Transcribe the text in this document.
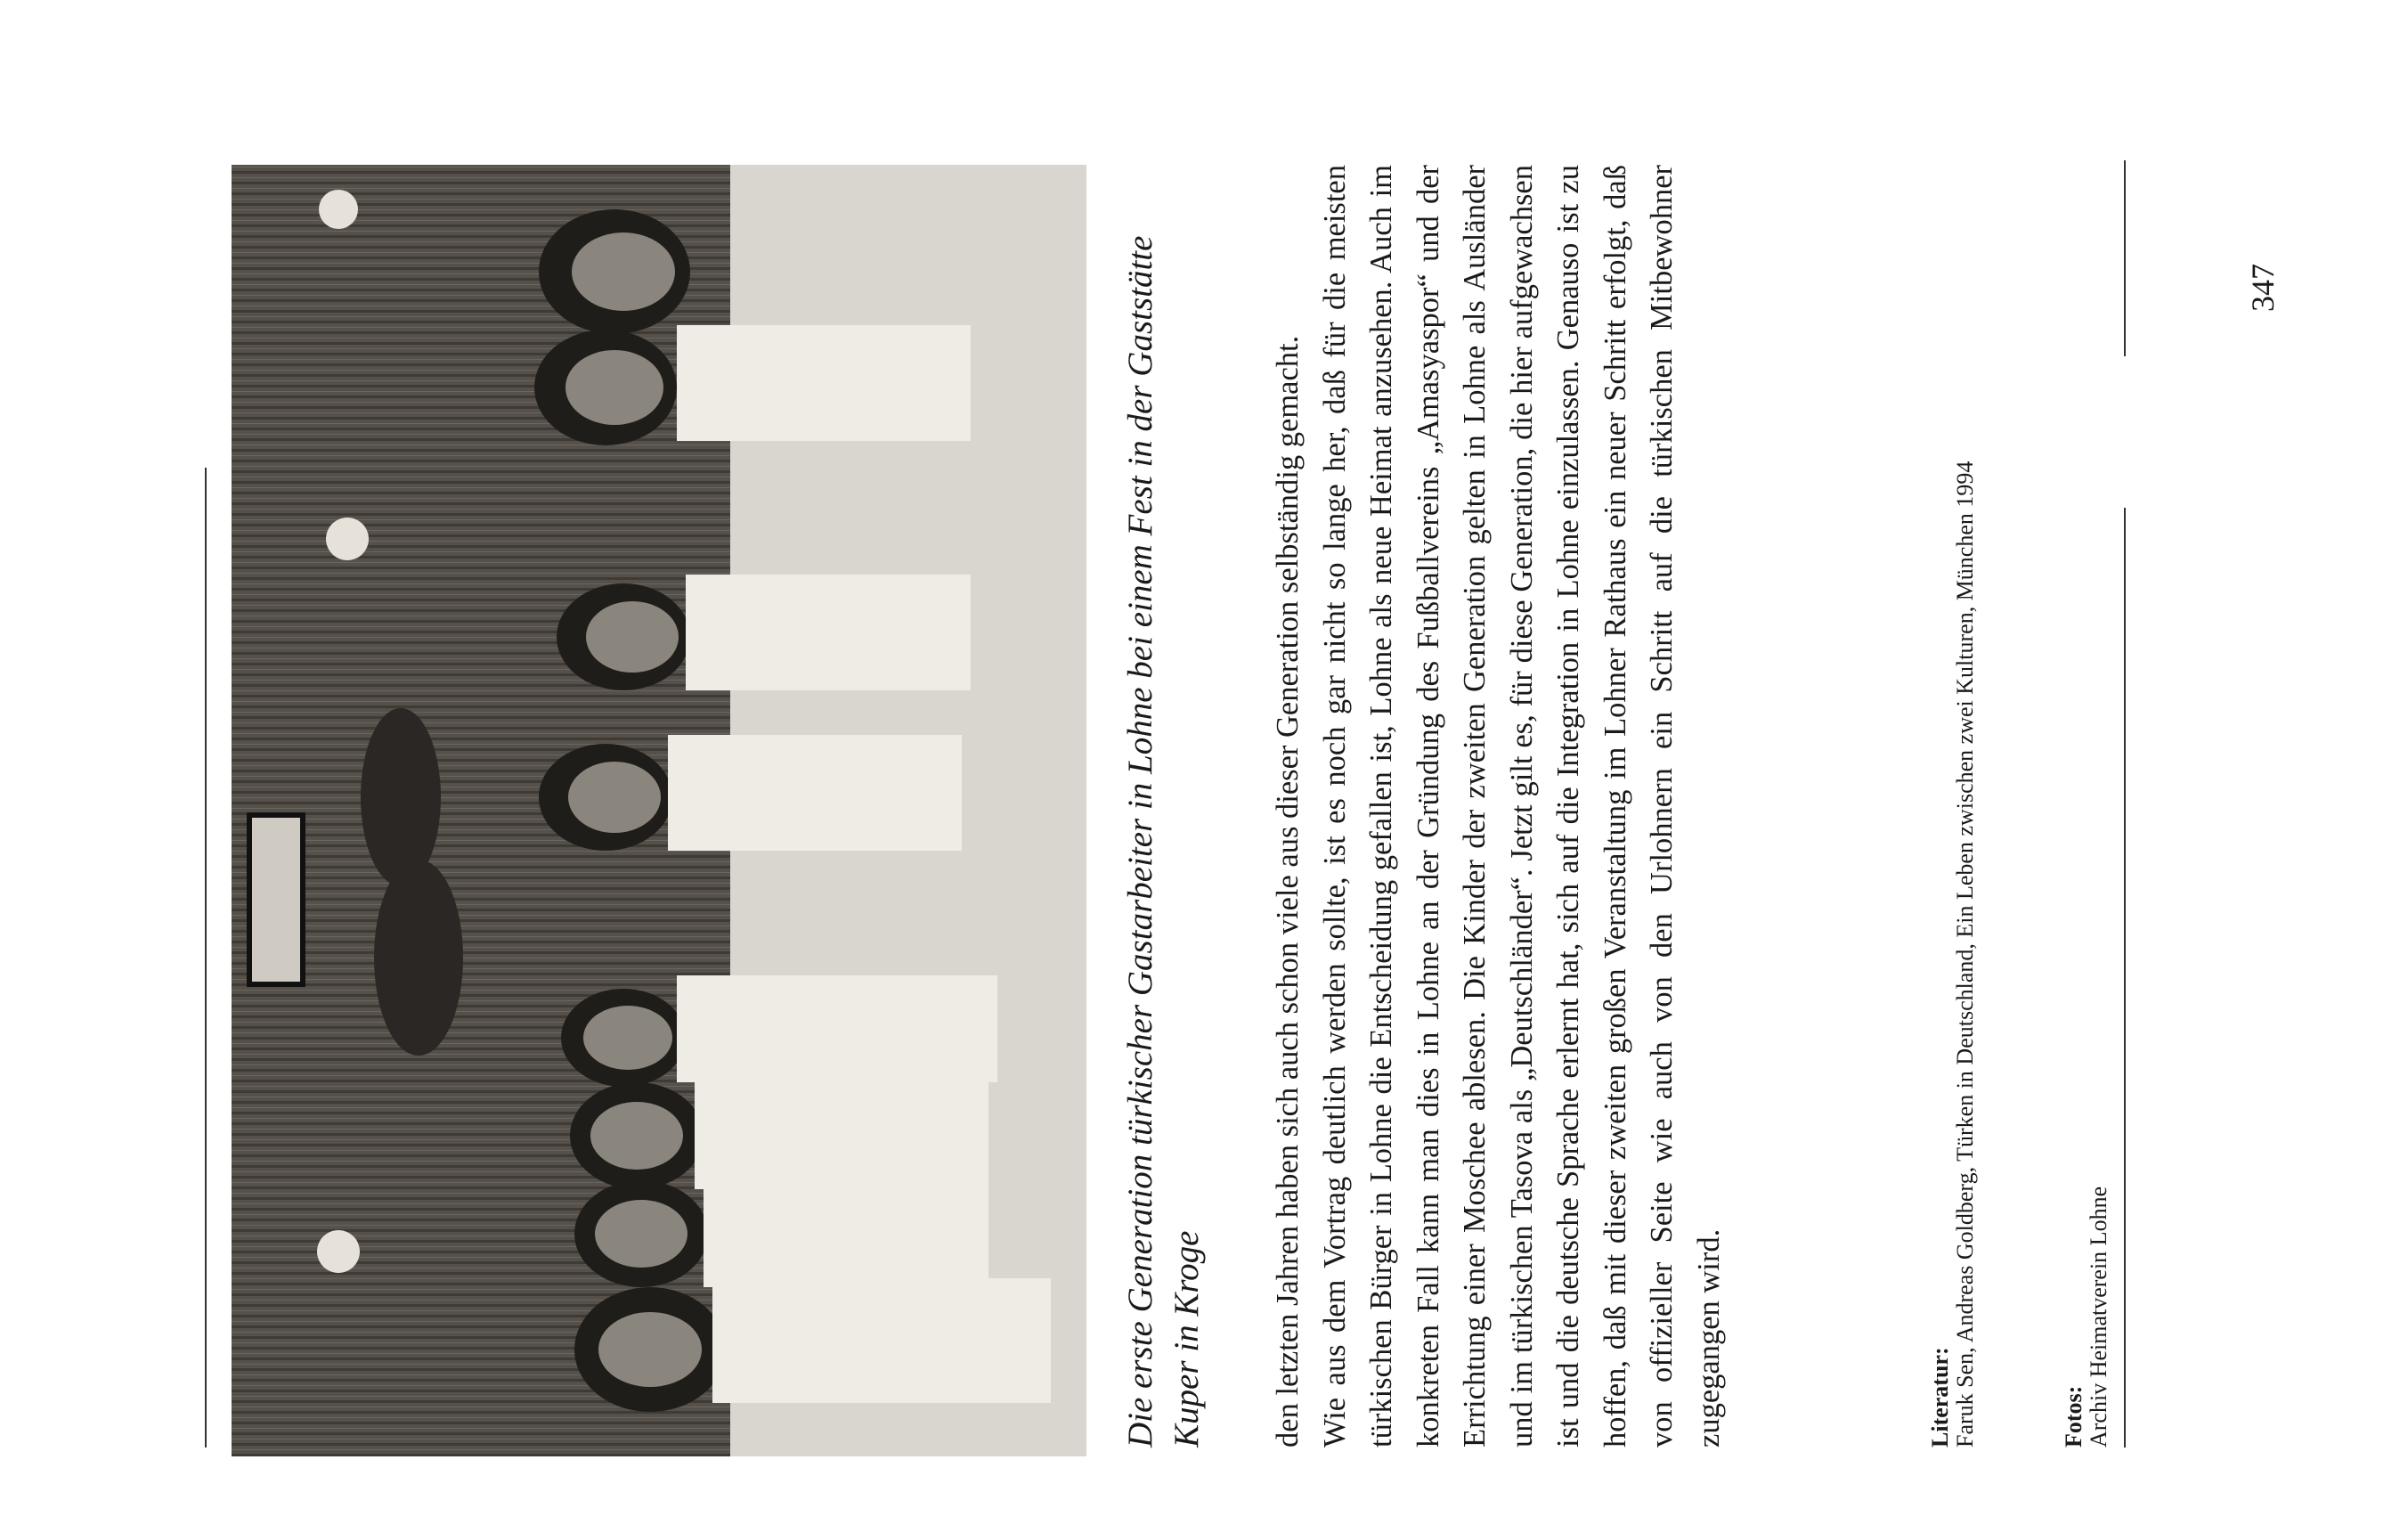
Die erste Generation türkischer Gastarbeiter in Lohne bei einem Fest in der Gaststätte Kuper in Kroge den letzten Jahren haben sich auch schon viele aus dieser Generation selbständig gemacht. Wie aus dem Vortrag deutlich werden sollte, ist es noch gar nicht so lange her, daß für die meisten türkischen Bürger in Lohne die Entscheidung gefallen ist, Lohne als neue Heimat anzusehen. Auch im konkreten Fall kann man dies in Lohne an der Gründung des Fußballvereins „Amasyaspor“ und der Errichtung einer Moschee ablesen. Die Kinder der zweiten Generation gelten in Lohne als Ausländer und im türkischen Tasova als „Deutschländer“. Jetzt gilt es, für diese Generation, die hier aufgewachsen ist und die deutsche Sprache erlernt hat, sich auf die Integration in Lohne einzulassen. Genauso ist zu hoffen, daß mit dieser zweiten großen Veranstaltung im Lohner Rathaus ein neuer Schritt erfolgt, daß von offizieller Seite wie auch von den Urlohnern ein Schritt auf die türkischen Mitbewohner zugegangen wird.	Literatur: Faruk Sen, Andreas Goldberg, Türken in Deutschland, Ein Leben zwischen zwei Kulturen, München 1994	Fotos: Archiv Heimatverein Lohne
347
